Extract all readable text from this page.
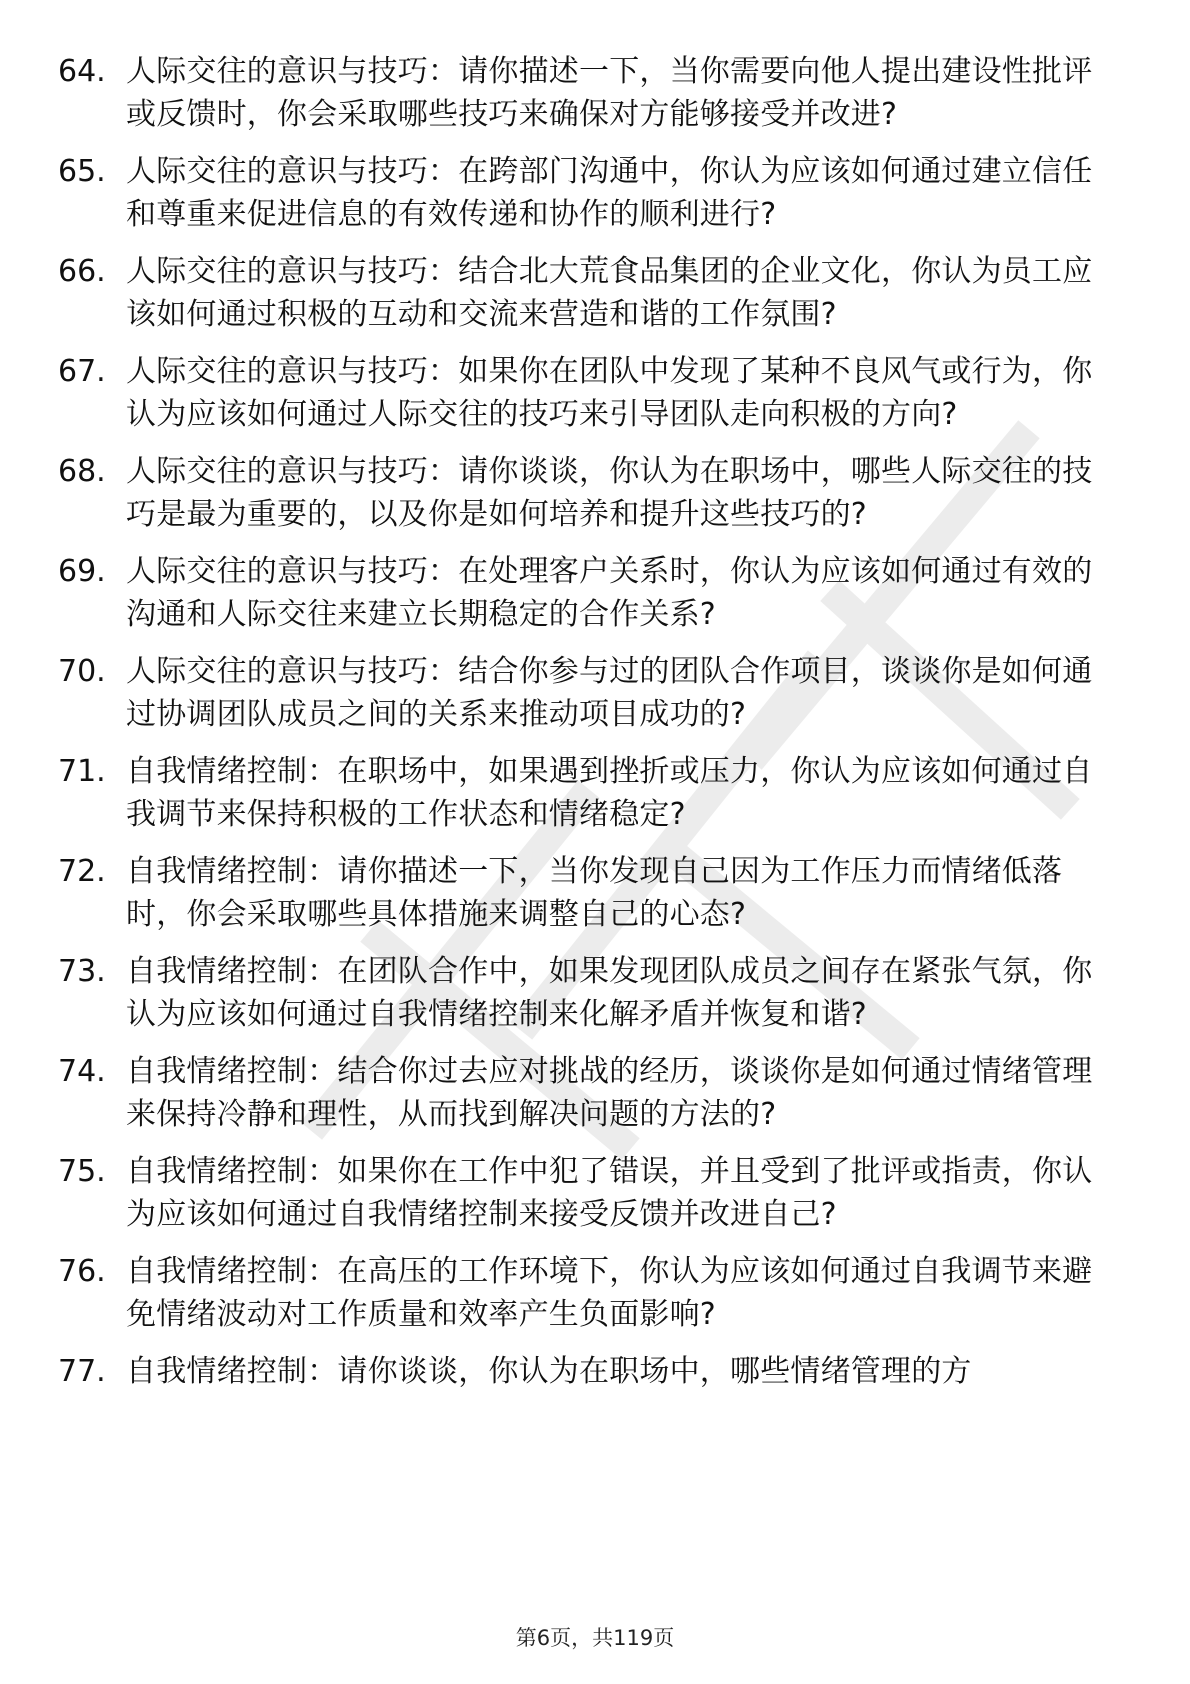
64. 人际交往的意识与技巧：请你描述一下，当你需要向他人提出建设性批评或反馈时，你会采取哪些技巧来确保对方能够接受并改进?
65. 人际交往的意识与技巧：在跨部门沟通中，你认为应该如何通过建立信任和尊重来促进信息的有效传递和协作的顺利进行?
66. 人际交往的意识与技巧：结合北大荒食品集团的企业文化，你认为员工应该如何通过积极的互动和交流来营造和谐的工作氛围?
67. 人际交往的意识与技巧：如果你在团队中发现了某种不良风气或行为，你认为应该如何通过人际交往的技巧来引导团队走向积极的方向?
68. 人际交往的意识与技巧：请你谈谈，你认为在职场中，哪些人际交往的技巧是最为重要的，以及你是如何培养和提升这些技巧的?
69. 人际交往的意识与技巧：在处理客户关系时，你认为应该如何通过有效的沟通和人际交往来建立长期稳定的合作关系?
70. 人际交往的意识与技巧：结合你参与过的团队合作项目，谈谈你是如何通过协调团队成员之间的关系来推动项目成功的?
71. 自我情绪控制：在职场中，如果遇到挫折或压力，你认为应该如何通过自我调节来保持积极的工作状态和情绪稳定?
72. 自我情绪控制：请你描述一下，当你发现自己因为工作压力而情绪低落时，你会采取哪些具体措施来调整自己的心态?
73. 自我情绪控制：在团队合作中，如果发现团队成员之间存在紧张气氛，你认为应该如何通过自我情绪控制来化解矛盾并恢复和谐?
74. 自我情绪控制：结合你过去应对挑战的经历，谈谈你是如何通过情绪管理来保持冷静和理性，从而找到解决问题的方法的?
75. 自我情绪控制：如果你在工作中犯了错误，并且受到了批评或指责，你认为应该如何通过自我情绪控制来接受反馈并改进自己?
76. 自我情绪控制：在高压的工作环境下，你认为应该如何通过自我调节来避免情绪波动对工作质量和效率产生负面影响?
77. 自我情绪控制：请你谈谈，你认为在职场中，哪些情绪管理的方
第6页，共119页
